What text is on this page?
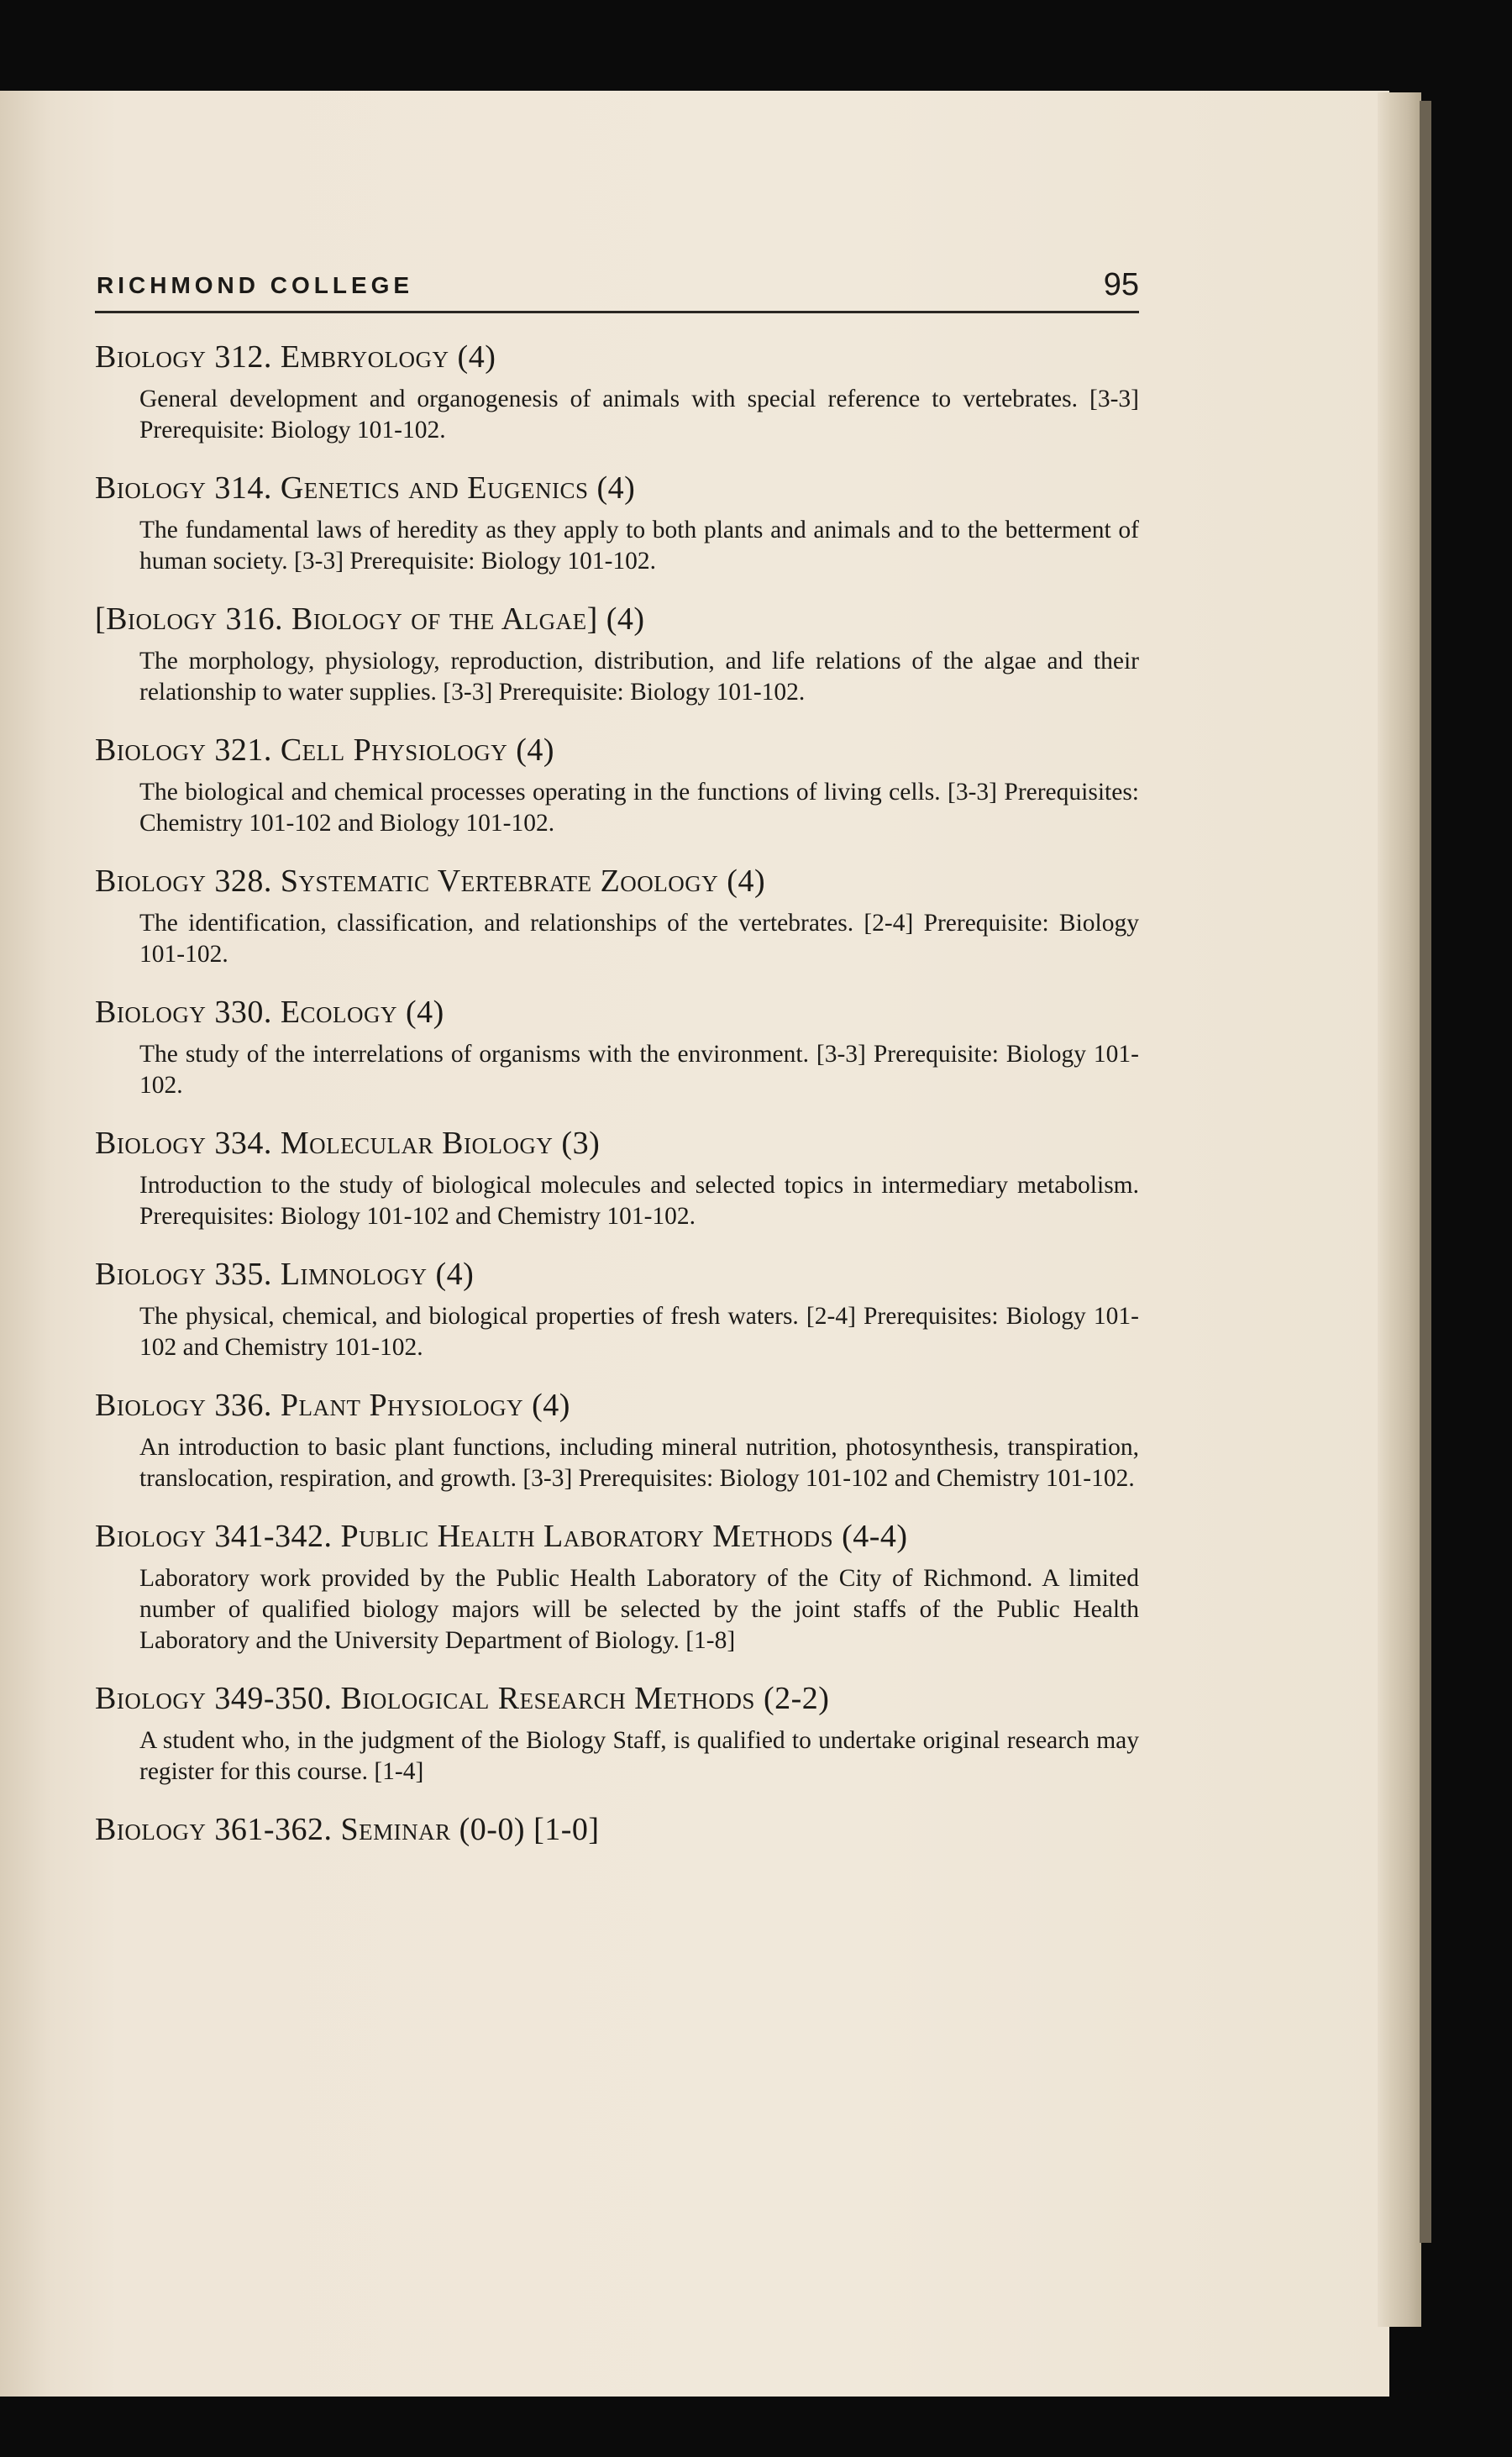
RICHMOND COLLEGE	95

Biology 312. Embryology (4)

General development and organogenesis of animals with special reference to vertebrates. [3-3] Prerequisite: Biology 101-102.

Biology 314. Genetics and Eugenics (4)

The fundamental laws of heredity as they apply to both plants and animals and to the betterment of human society. [3-3] Prerequisite: Biology 101-102.

[Biology 316. Biology of the Algae] (4)

The morphology, physiology, reproduction, distribution, and life relations of the algae and their relationship to water supplies. [3-3] Prerequisite: Biology 101-102.

Biology 321. Cell Physiology (4)

The biological and chemical processes operating in the functions of living cells. [3-3] Prerequisites: Chemistry 101-102 and Biology 101-102.

Biology 328. Systematic Vertebrate Zoology (4)

The identification, classification, and relationships of the vertebrates. [2-4] Prerequisite: Biology 101-102.

Biology 330. Ecology (4)

The study of the interrelations of organisms with the environment. [3-3] Prerequisite: Biology 101-102.

Biology 334. Molecular Biology (3)

Introduction to the study of biological molecules and selected topics in intermediary metabolism. Prerequisites: Biology 101-102 and Chemistry 101-102.

Biology 335. Limnology (4)

The physical, chemical, and biological properties of fresh waters. [2-4] Prerequisites: Biology 101-102 and Chemistry 101-102.

Biology 336. Plant Physiology (4)

An introduction to basic plant functions, including mineral nutrition, photosynthesis, transpiration, translocation, respiration, and growth. [3-3] Prerequisites: Biology 101-102 and Chemistry 101-102.

Biology 341-342. Public Health Laboratory Methods (4-4)

Laboratory work provided by the Public Health Laboratory of the City of Richmond. A limited number of qualified biology majors will be selected by the joint staffs of the Public Health Laboratory and the University Department of Biology. [1-8]

Biology 349-350. Biological Research Methods (2-2)

A student who, in the judgment of the Biology Staff, is qualified to undertake original research may register for this course. [1-4]

Biology 361-362. Seminar (0-0) [1-0]
